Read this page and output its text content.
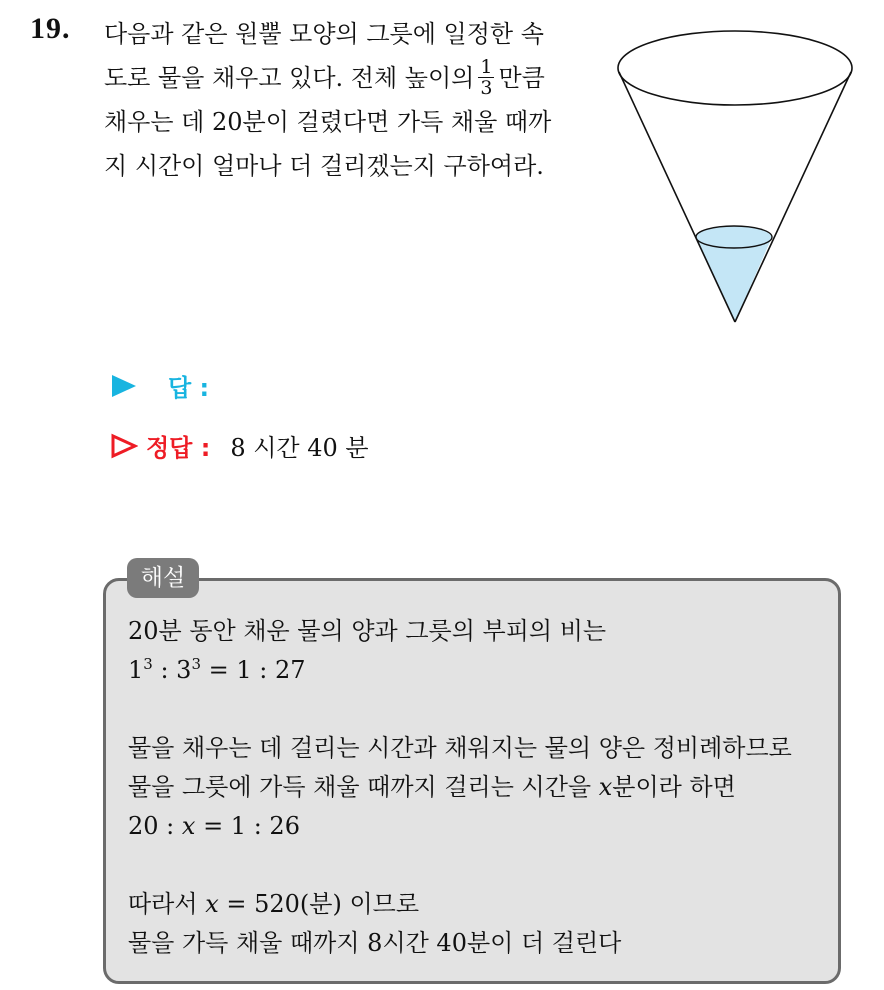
19. 다음과 같은 원뿔 모양의 그릇에 일정한 속
도로 물을 채우고 있다. 전체 높이의 $\frac{1}{3}$ 만큼
채우는 데 20분이 걸렸다면 가득 채울 때까
지 시간이 얼마나 더 걸리겠는지 구하여라.
답 :
정답 : 8 시간 40 분
해설
20분 동안 채운 물의 양과 그릇의 부피의 비는
$1^3$ : $3^3 = 1$ : 27
물을 채우는 데 걸리는 시간과 채워지는 물의 양은 정비례하므로
물을 그릇에 가득 채울 때까지 걸리는 시간을 x분이라 하면
20 : x = 1 : 26
따라서 x = 520(분) 이므로
물을 가득 채울 때까지 8시간 40분이 더 걸린다
